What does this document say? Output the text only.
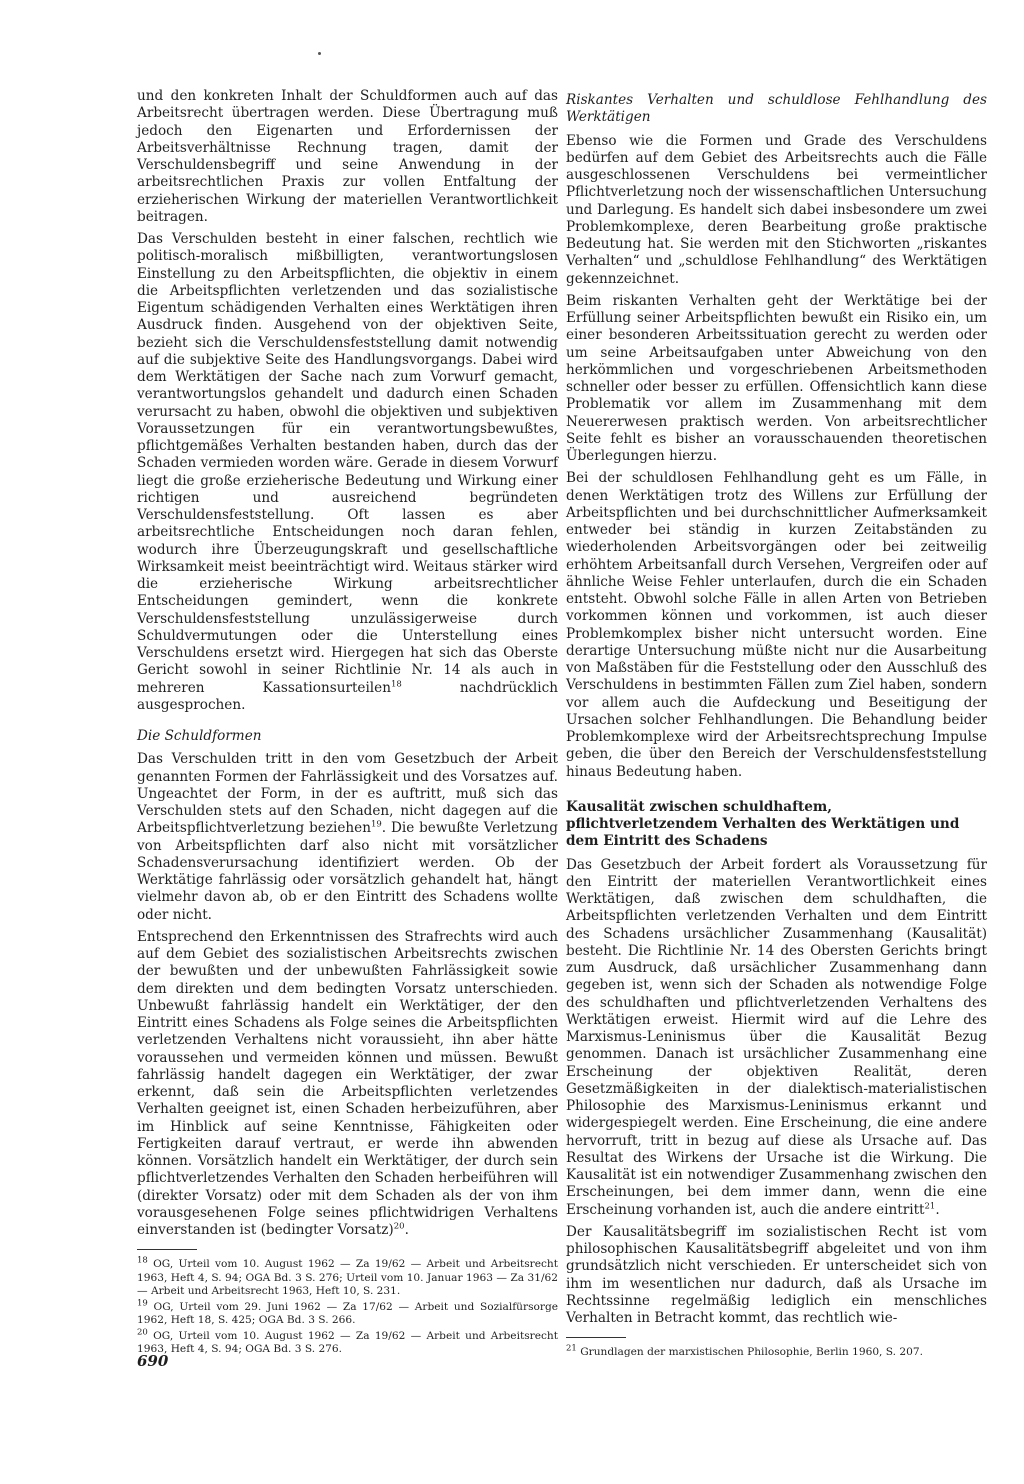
und den konkreten Inhalt der Schuldformen auch auf das Arbeitsrecht übertragen werden. Diese Übertragung muß jedoch den Eigenarten und Erfordernissen der Arbeitsverhältnisse Rechnung tragen, damit der Verschuldensbegriff und seine Anwendung in der arbeitsrechtlichen Praxis zur vollen Entfaltung der erzieherischen Wirkung der materiellen Verantwortlichkeit beitragen.

Das Verschulden besteht in einer falschen, rechtlich wie politisch-moralisch mißbilligten, verantwortungslosen Einstellung zu den Arbeitspflichten, die objektiv in einem die Arbeitspflichten verletzenden und das sozialistische Eigentum schädigenden Verhalten eines Werktätigen ihren Ausdruck finden. Ausgehend von der objektiven Seite, bezieht sich die Verschuldensfeststellung damit notwendig auf die subjektive Seite des Handlungsvorgangs. Dabei wird dem Werktätigen der Sache nach zum Vorwurf gemacht, verantwortungslos gehandelt und dadurch einen Schaden verursacht zu haben, obwohl die objektiven und subjektiven Voraussetzungen für ein verantwortungsbewußtes, pflichtgemäßes Verhalten bestanden haben, durch das der Schaden vermieden worden wäre. Gerade in diesem Vorwurf liegt die große erzieherische Bedeutung und Wirkung einer richtigen und ausreichend begründeten Verschuldensfeststellung. Oft lassen es aber arbeitsrechtliche Entscheidungen noch daran fehlen, wodurch ihre Überzeugungskraft und gesellschaftliche Wirksamkeit meist beeinträchtigt wird. Weitaus stärker wird die erzieherische Wirkung arbeitsrechtlicher Entscheidungen gemindert, wenn die konkrete Verschuldensfeststellung unzulässigerweise durch Schuldvermutungen oder die Unterstellung eines Verschuldens ersetzt wird. Hiergegen hat sich das Oberste Gericht sowohl in seiner Richtlinie Nr. 14 als auch in mehreren Kassationsurteilen$^{18}$ nachdrücklich ausgesprochen.

Die Schuldformen

Das Verschulden tritt in den vom Gesetzbuch der Arbeit genannten Formen der Fahrlässigkeit und des Vorsatzes auf. Ungeachtet der Form, in der es auftritt, muß sich das Verschulden stets auf den Schaden, nicht dagegen auf die Arbeitspflichtverletzung beziehen$^{19}$. Die bewußte Verletzung von Arbeitspflichten darf also nicht mit vorsätzlicher Schadensverursachung identifiziert werden. Ob der Werktätige fahrlässig oder vorsätzlich gehandelt hat, hängt vielmehr davon ab, ob er den Eintritt des Schadens wollte oder nicht.

Entsprechend den Erkenntnissen des Strafrechts wird auch auf dem Gebiet des sozialistischen Arbeitsrechts zwischen der bewußten und der unbewußten Fahrlässigkeit sowie dem direkten und dem bedingten Vorsatz unterschieden. Unbewußt fahrlässig handelt ein Werktätiger, der den Eintritt eines Schadens als Folge seines die Arbeitspflichten verletzenden Verhaltens nicht voraussieht, ihn aber hätte voraussehen und vermeiden können und müssen. Bewußt fahrlässig handelt dagegen ein Werktätiger, der zwar erkennt, daß sein die Arbeitspflichten verletzendes Verhalten geeignet ist, einen Schaden herbeizuführen, aber im Hinblick auf seine Kenntnisse, Fähigkeiten oder Fertigkeiten darauf vertraut, er werde ihn abwenden können. Vorsätzlich handelt ein Werktätiger, der durch sein pflichtverletzendes Verhalten den Schaden herbeiführen will (direkter Vorsatz) oder mit dem Schaden als der von ihm vorausgesehenen Folge seines pflichtwidrigen Verhaltens einverstanden ist (bedingter Vorsatz)$^{20}$.

$^{18}$ OG, Urteil vom 10. August 1962 — Za 19/62 — Arbeit und Arbeitsrecht 1963, Heft 4, S. 94; OGA Bd. 3 S. 276; Urteil vom 10. Januar 1963 — Za 31/62 — Arbeit und Arbeitsrecht 1963, Heft 10, S. 231.

$^{19}$ OG, Urteil vom 29. Juni 1962 — Za 17/62 — Arbeit und Sozialfürsorge 1962, Heft 18, S. 425; OGA Bd. 3 S. 266.

$^{20}$ OG, Urteil vom 10. August 1962 — Za 19/62 — Arbeit und Arbeitsrecht 1963, Heft 4, S. 94; OGA Bd. 3 S. 276.

Riskantes Verhalten und schuldlose Fehlhandlung des Werktätigen

Ebenso wie die Formen und Grade des Verschuldens bedürfen auf dem Gebiet des Arbeitsrechts auch die Fälle ausgeschlossenen Verschuldens bei vermeintlicher Pflichtverletzung noch der wissenschaftlichen Untersuchung und Darlegung. Es handelt sich dabei insbesondere um zwei Problemkomplexe, deren Bearbeitung große praktische Bedeutung hat. Sie werden mit den Stichworten „riskantes Verhalten“ und „schuldlose Fehlhandlung“ des Werktätigen gekennzeichnet.

Beim riskanten Verhalten geht der Werktätige bei der Erfüllung seiner Arbeitspflichten bewußt ein Risiko ein, um einer besonderen Arbeitssituation gerecht zu werden oder um seine Arbeitsaufgaben unter Abweichung von den herkömmlichen und vorgeschriebenen Arbeitsmethoden schneller oder besser zu erfüllen. Offensichtlich kann diese Problematik vor allem im Zusammenhang mit dem Neuererwesen praktisch werden. Von arbeitsrechtlicher Seite fehlt es bisher an vorausschauenden theoretischen Überlegungen hierzu.

Bei der schuldlosen Fehlhandlung geht es um Fälle, in denen Werktätigen trotz des Willens zur Erfüllung der Arbeitspflichten und bei durchschnittlicher Aufmerksamkeit entweder bei ständig in kurzen Zeitabständen zu wiederholenden Arbeitsvorgängen oder bei zeitweilig erhöhtem Arbeitsanfall durch Versehen, Vergreifen oder auf ähnliche Weise Fehler unterlaufen, durch die ein Schaden entsteht. Obwohl solche Fälle in allen Arten von Betrieben vorkommen können und vorkommen, ist auch dieser Problemkomplex bisher nicht untersucht worden. Eine derartige Untersuchung müßte nicht nur die Ausarbeitung von Maßstäben für die Feststellung oder den Ausschluß des Verschuldens in bestimmten Fällen zum Ziel haben, sondern vor allem auch die Aufdeckung und Beseitigung der Ursachen solcher Fehlhandlungen. Die Behandlung beider Problemkomplexe wird der Arbeitsrechtsprechung Impulse geben, die über den Bereich der Verschuldensfeststellung hinaus Bedeutung haben.

Kausalität zwischen schuldhaftem, pflichtverletzendem Verhalten des Werktätigen und dem Eintritt des Schadens

Das Gesetzbuch der Arbeit fordert als Voraussetzung für den Eintritt der materiellen Verantwortlichkeit eines Werktätigen, daß zwischen dem schuldhaften, die Arbeitspflichten verletzenden Verhalten und dem Eintritt des Schadens ursächlicher Zusammenhang (Kausalität) besteht. Die Richtlinie Nr. 14 des Obersten Gerichts bringt zum Ausdruck, daß ursächlicher Zusammenhang dann gegeben ist, wenn sich der Schaden als notwendige Folge des schuldhaften und pflichtverletzenden Verhaltens des Werktätigen erweist. Hiermit wird auf die Lehre des Marxismus-Leninismus über die Kausalität Bezug genommen. Danach ist ursächlicher Zusammenhang eine Erscheinung der objektiven Realität, deren Gesetzmäßigkeiten in der dialektisch-materialistischen Philosophie des Marxismus-Leninismus erkannt und widergespiegelt werden. Eine Erscheinung, die eine andere hervorruft, tritt in bezug auf diese als Ursache auf. Das Resultat des Wirkens der Ursache ist die Wirkung. Die Kausalität ist ein notwendiger Zusammenhang zwischen den Erscheinungen, bei dem immer dann, wenn die eine Erscheinung vorhanden ist, auch die andere eintritt$^{21}$.

Der Kausalitätsbegriff im sozialistischen Recht ist vom philosophischen Kausalitätsbegriff abgeleitet und von ihm grundsätzlich nicht verschieden. Er unterscheidet sich von ihm im wesentlichen nur dadurch, daß als Ursache im Rechtssinne regelmäßig lediglich ein menschliches Verhalten in Betracht kommt, das rechtlich wie-

$^{21}$ Grundlagen der marxistischen Philosophie, Berlin 1960, S. 207.

690
